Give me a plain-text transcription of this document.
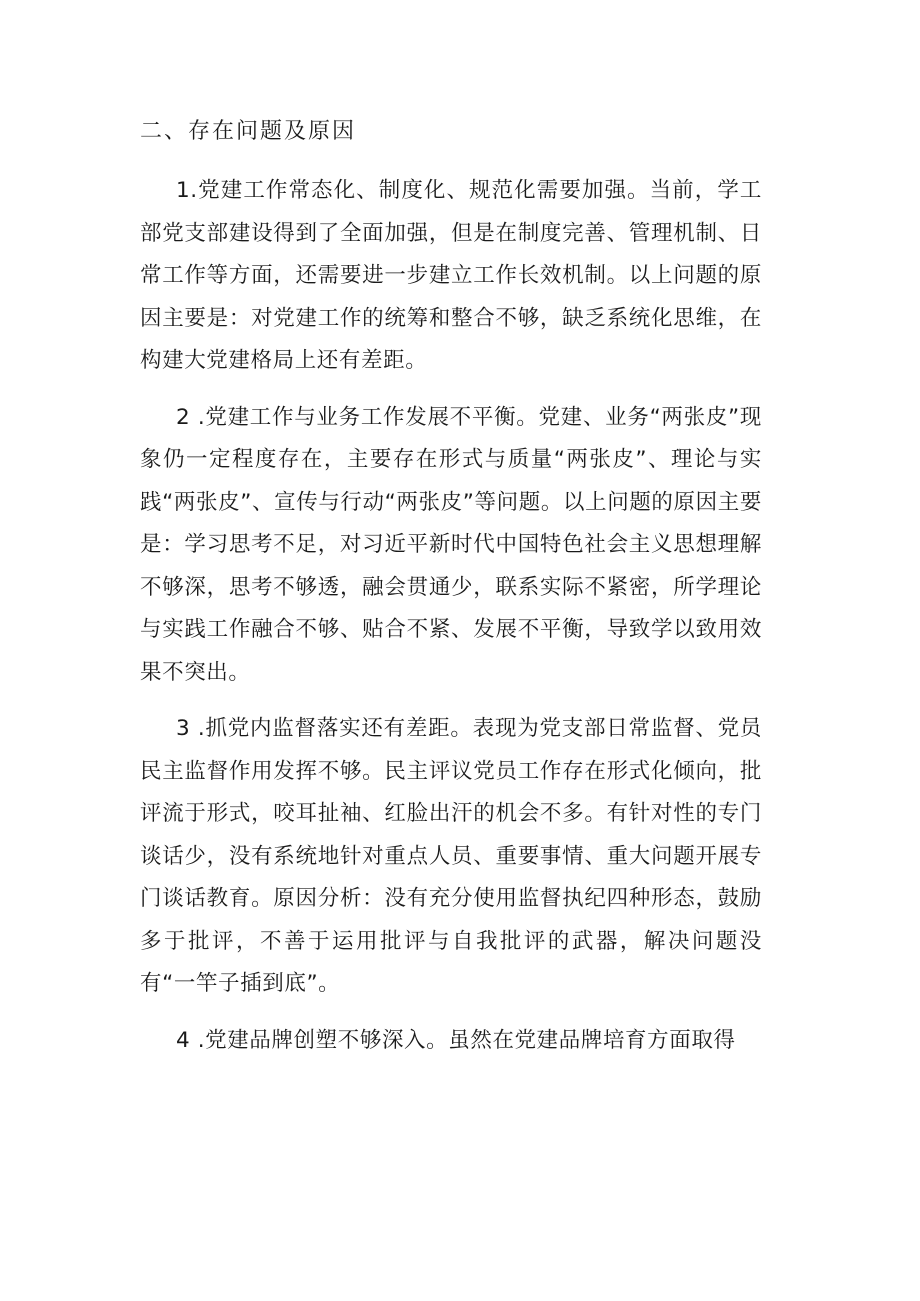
二、存在问题及原因

1.党建工作常态化、制度化、规范化需要加强。当前，学工部党支部建设得到了全面加强，但是在制度完善、管理机制、日常工作等方面，还需要进一步建立工作长效机制。以上问题的原因主要是：对党建工作的统筹和整合不够，缺乏系统化思维，在构建大党建格局上还有差距。

2 .党建工作与业务工作发展不平衡。党建、业务“两张皮”现象仍一定程度存在，主要存在形式与质量“两张皮”、理论与实践“两张皮”、宣传与行动“两张皮”等问题。以上问题的原因主要是：学习思考不足，对习近平新时代中国特色社会主义思想理解不够深，思考不够透，融会贯通少，联系实际不紧密，所学理论与实践工作融合不够、贴合不紧、发展不平衡，导致学以致用效果不突出。

3 .抓党内监督落实还有差距。表现为党支部日常监督、党员民主监督作用发挥不够。民主评议党员工作存在形式化倾向，批评流于形式，咬耳扯袖、红脸出汗的机会不多。有针对性的专门谈话少，没有系统地针对重点人员、重要事情、重大问题开展专门谈话教育。原因分析：没有充分使用监督执纪四种形态，鼓励多于批评，不善于运用批评与自我批评的武器，解决问题没有“一竿子插到底”。

4 .党建品牌创塑不够深入。虽然在党建品牌培育方面取得
